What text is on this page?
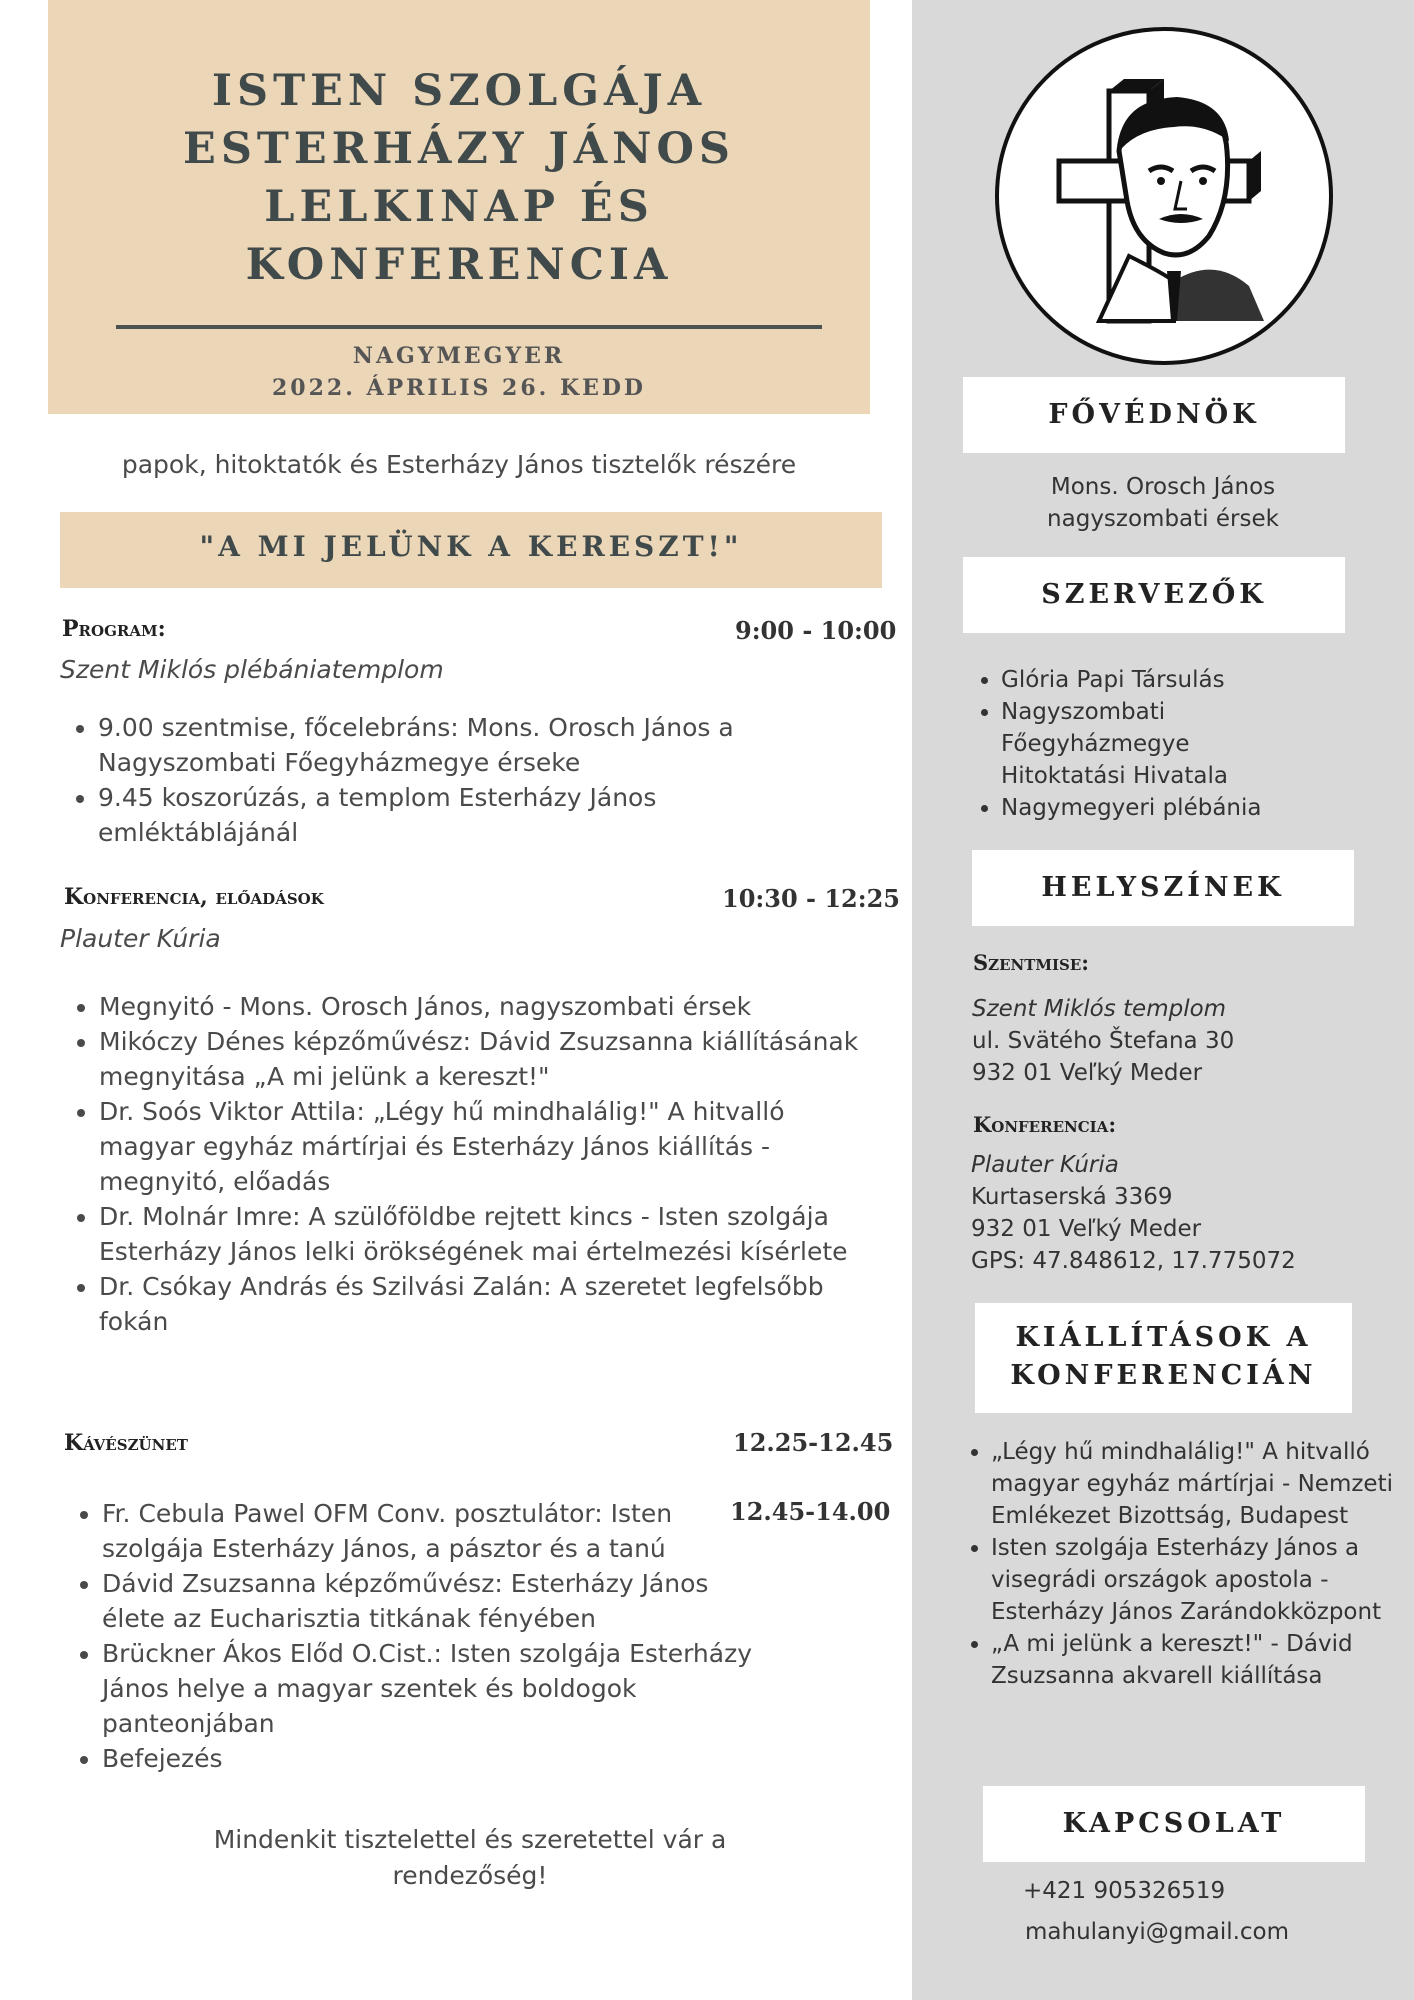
ISTEN SZOLGÁJA
ESTERHÁZY JÁNOS
LELKINAP ÉS
KONFERENCIA
NAGYMEGYER
2022. ÁPRILIS 26. KEDD
papok, hitoktatók és Esterházy János tisztelők részére
"A MI JELÜNK A KERESZT!"
Program:	9:00 - 10:00
Szent Miklós plébániatemplom
• 9.00 szentmise, főcelebráns: Mons. Orosch János a Nagyszombati Főegyházmegye érseke
• 9.45 koszorúzás, a templom Esterházy János emléktáblájánál
Konferencia, előadások	10:30 - 12:25
Plauter Kúria
• Megnyitó - Mons. Orosch János, nagyszombati érsek
• Mikóczy Dénes képzőművész: Dávid Zsuzsanna kiállításának megnyitása „A mi jelünk a kereszt!"
• Dr. Soós Viktor Attila: „Légy hű mindhalálig!" A hitvalló magyar egyház mártírjai és Esterházy János kiállítás - megnyitó, előadás
• Dr. Molnár Imre: A szülőföldbe rejtett kincs - Isten szolgája Esterházy János lelki örökségének mai értelmezési kísérlete
• Dr. Csókay András és Szilvási Zalán: A szeretet legfelsőbb fokán
Kávészünet	12.25-12.45
12.45-14.00
• Fr. Cebula Pawel OFM Conv. posztulátor: Isten szolgája Esterházy János, a pásztor és a tanú
• Dávid Zsuzsanna képzőművész: Esterházy János élete az Eucharisztia titkának fényében
• Brückner Ákos Előd O.Cist.: Isten szolgája Esterházy János helye a magyar szentek és boldogok panteonjában
• Befejezés
Mindenkit tisztelettel és szeretettel vár a rendezőség!
FŐVÉDNÖK
Mons. Orosch János
nagyszombati érsek
SZERVEZŐK
• Glória Papi Társulás
• Nagyszombati Főegyházmegye Hitoktatási Hivatala
• Nagymegyeri plébánia
HELYSZÍNEK
Szentmise:
Szent Miklós templom
ul. Svätého Štefana 30
932 01 Veľký Meder
Konferencia:
Plauter Kúria
Kurtaserská 3369
932 01 Veľký Meder
GPS: 47.848612, 17.775072
KIÁLLÍTÁSOK A
KONFERENCIÁN
• „Légy hű mindhalálig!" A hitvalló magyar egyház mártírjai - Nemzeti Emlékezet Bizottság, Budapest
• Isten szolgája Esterházy János a visegrádi országok apostola - Esterházy János Zarándokközpont
• „A mi jelünk a kereszt!" - Dávid Zsuzsanna akvarell kiállítása
KAPCSOLAT
+421 905326519
mahulanyi@gmail.com
